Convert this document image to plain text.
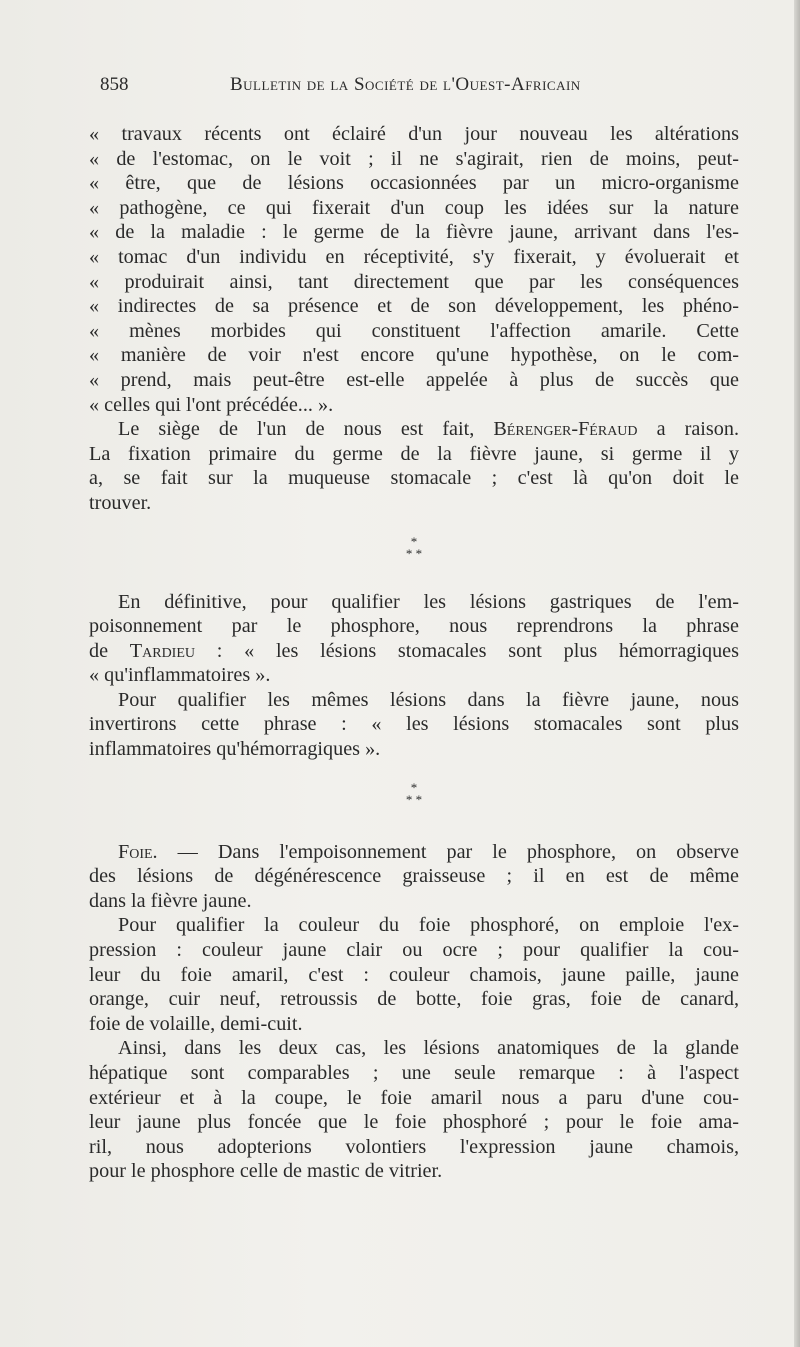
858	Bulletin de la Société de l'Ouest-Africain
« travaux récents ont éclairé d'un jour nouveau les altérations
« de l'estomac, on le voit ; il ne s'agirait, rien de moins, peut-
« être, que de lésions occasionnées par un micro-organisme
« pathogène, ce qui fixerait d'un coup les idées sur la nature
« de la maladie : le germe de la fièvre jaune, arrivant dans l'es-
« tomac d'un individu en réceptivité, s'y fixerait, y évoluerait et
« produirait ainsi, tant directement que par les conséquences
« indirectes de sa présence et de son développement, les phéno-
« mènes morbides qui constituent l'affection amarile. Cette
« manière de voir n'est encore qu'une hypothèse, on le com-
« prend, mais peut-être est-elle appelée à plus de succès que
« celles qui l'ont précédée... ».
Le siège de l'un de nous est fait, Bérenger-Féraud a raison.
La fixation primaire du germe de la fièvre jaune, si germe il y
a, se fait sur la muqueuse stomacale ; c'est là qu'on doit le
trouver.
*
* *
En définitive, pour qualifier les lésions gastriques de l'em-
poisonnement par le phosphore, nous reprendrons la phrase
de Tardieu : « les lésions stomacales sont plus hémorragiques
« qu'inflammatoires ».
Pour qualifier les mêmes lésions dans la fièvre jaune, nous
invertirons cette phrase : « les lésions stomacales sont plus
inflammatoires qu'hémorragiques ».
*
* *
Foie. — Dans l'empoisonnement par le phosphore, on observe
des lésions de dégénérescence graisseuse ; il en est de même
dans la fièvre jaune.
Pour qualifier la couleur du foie phosphoré, on emploie l'ex-
pression : couleur jaune clair ou ocre ; pour qualifier la cou-
leur du foie amaril, c'est : couleur chamois, jaune paille, jaune
orange, cuir neuf, retroussis de botte, foie gras, foie de canard,
foie de volaille, demi-cuit.
Ainsi, dans les deux cas, les lésions anatomiques de la glande
hépatique sont comparables ; une seule remarque : à l'aspect
extérieur et à la coupe, le foie amaril nous a paru d'une cou-
leur jaune plus foncée que le foie phosphoré ; pour le foie ama-
ril, nous adopterions volontiers l'expression jaune chamois,
pour le phosphore celle de mastic de vitrier.
